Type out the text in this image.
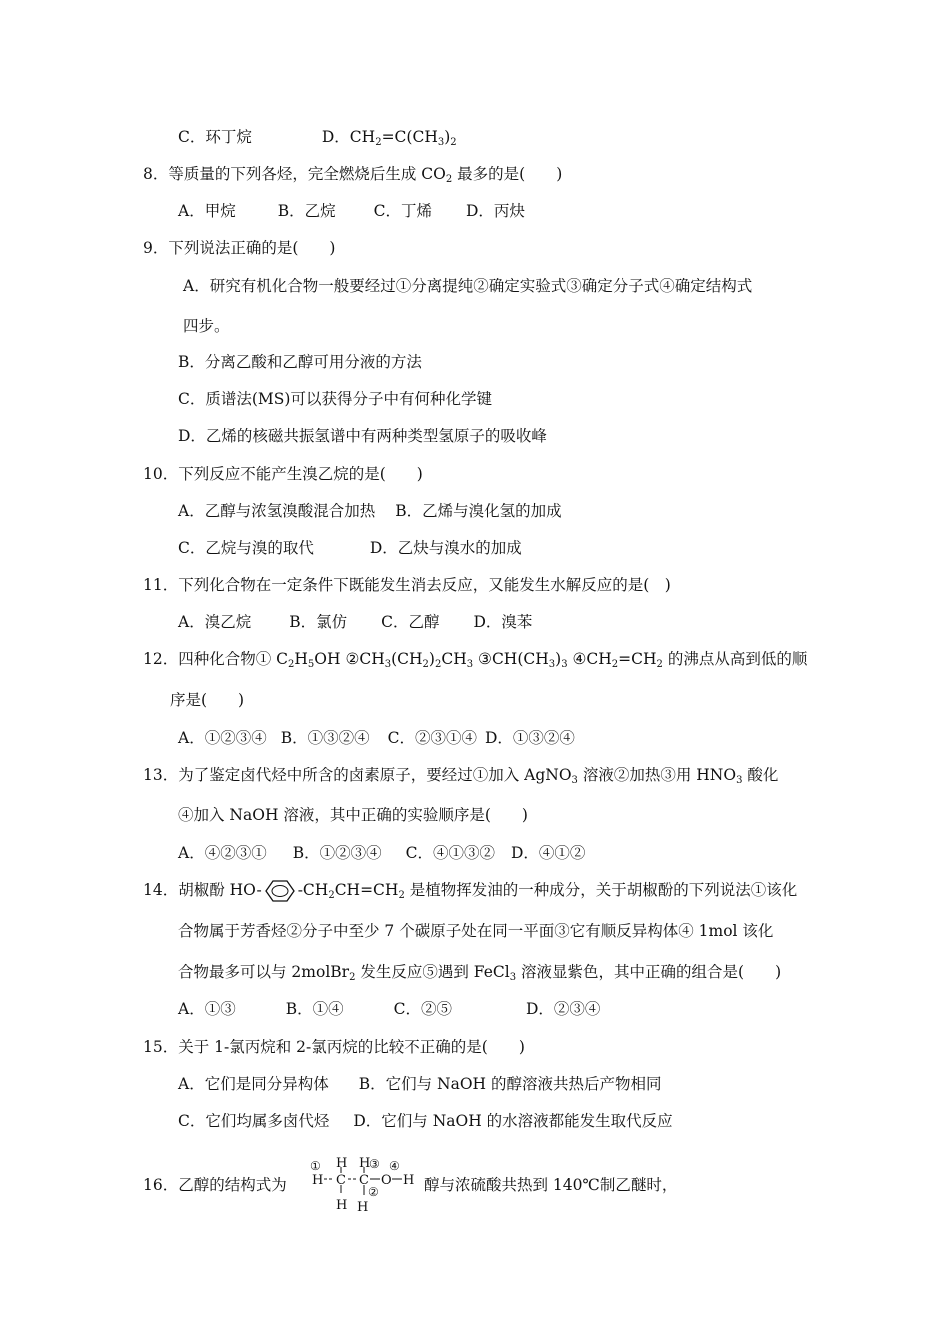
C．环丁烷	D．$CH_2=C(CH_3)_2$
8．等质量的下列各烃，完全燃烧后生成 $CO_2$ 最多的是(　　)
A．甲烷	B．乙烷 C．丁烯 D．丙炔
9．下列说法正确的是(　　)
A．研究有机化合物一般要经过①分离提纯②确定实验式③确定分子式④确定结构式
四步。
B．分离乙酸和乙醇可用分液的方法
C．质谱法(MS)可以获得分子中有何种化学键
D．乙烯的核磁共振氢谱中有两种类型氢原子的吸收峰
10．下列反应不能产生溴乙烷的是(　　)
A．乙醇与浓氢溴酸混合加热 B．乙烯与溴化氢的加成
C．乙烷与溴的取代	D．乙炔与溴水的加成
11．下列化合物在一定条件下既能发生消去反应，又能发生水解反应的是(　)
A．溴乙烷 B．氯仿 C．乙醇 D．溴苯
12．四种化合物① $C_2H_5OH$ $②CH_3(CH_2)_2CH_3$ $③CH(CH_3)_3$ $④CH_2=CH_2$ 的沸点从高到低的顺
序是(　　)
A．①②③④ B．①③②④ C．②③①④ D．①③②④
13．为了鉴定卤代烃中所含的卤素原子，要经过①加入 AgNO$_3$ 溶液②加热③用 $HNO_3$ 酸化
④加入 NaOH 溶液，其中正确的实验顺序是(　　)
A．④②③① B．①②③④ C．④①③② D．④①②
14．胡椒酚 HO- $-CH_2CH=CH_2$ 是植物挥发油的一种成分，关于胡椒酚的下列说法①该化
合物属于芳香烃②分子中至少 7 个碳原子处在同一平面③它有顺反异构体④ 1mol 该化
合物最多可以与 2molBr$_2$ 发生反应⑤遇到 FeCl$_3$ 溶液显紫色，其中正确的组合是(　　)
A．①③	B．①④	C．②⑤	D．②③④
15．关于 1-氯丙烷和 2-氯丙烷的比较不正确的是(　　)
A．它们是同分异构体 B．它们与 NaOH 的醇溶液共热后产物相同
C．它们均属多卤代烃 D．它们与 NaOH 的水溶液都能发生取代反应
16．乙醇的结构式为
H H
H C C O H
H H
①	③ ④
②	醇与浓硫酸共热到 140℃制乙醚时，
